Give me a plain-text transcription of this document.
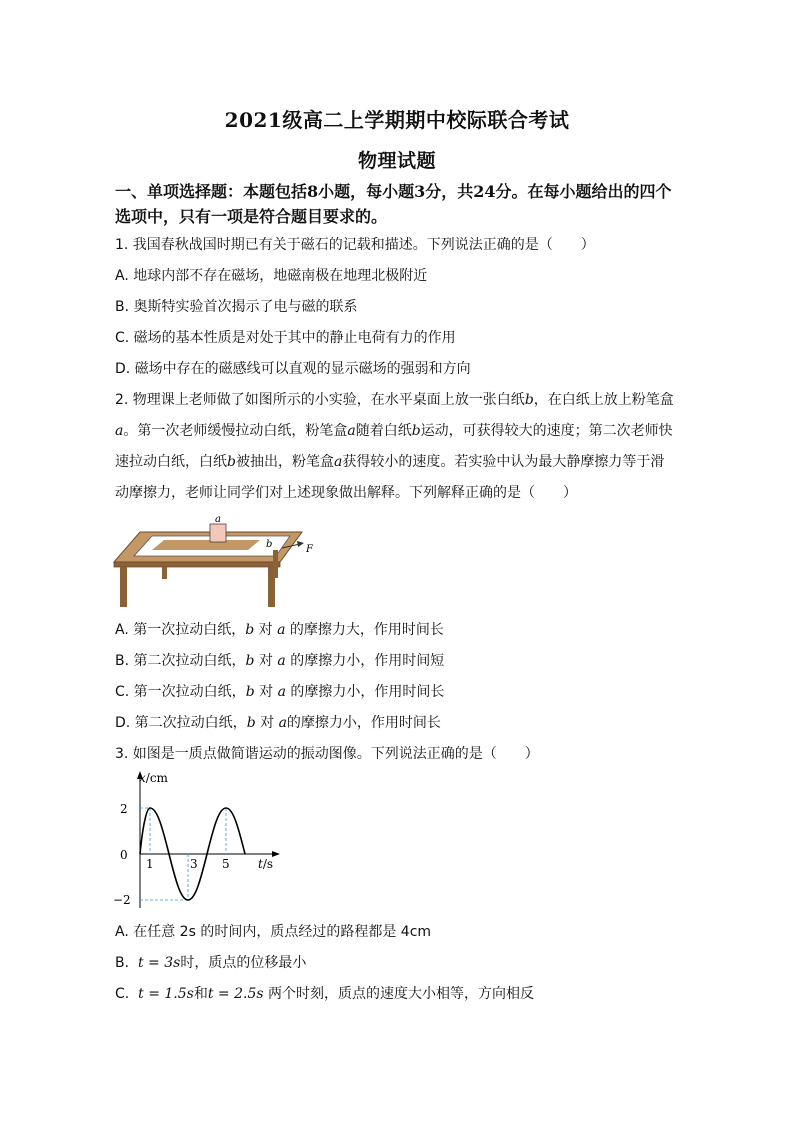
2021级高二上学期期中校际联合考试
物理试题
一、单项选择题：本题包括8小题，每小题3分，共24分。在每小题给出的四个
选项中，只有一项是符合题目要求的。
1. 我国春秋战国时期已有关于磁石的记载和描述。下列说法正确的是（　　）
A. 地球内部不存在磁场，地磁南极在地理北极附近
B. 奥斯特实验首次揭示了电与磁的联系
C. 磁场的基本性质是对处于其中的静止电荷有力的作用
D. 磁场中存在的磁感线可以直观的显示磁场的强弱和方向
2. 物理课上老师做了如图所示的小实验，在水平桌面上放一张白纸b，在白纸上放上粉笔盒
a。第一次老师缓慢拉动白纸，粉笔盒a随着白纸b运动，可获得较大的速度；第二次老师快
速拉动白纸，白纸b被抽出，粉笔盒a获得较小的速度。若实验中认为最大静摩擦力等于滑
动摩擦力，老师让同学们对上述现象做出解释。下列解释正确的是（　　）
a
b	F
A. 第一次拉动白纸，b 对 a 的摩擦力大，作用时间长
B. 第二次拉动白纸，b 对 a 的摩擦力小，作用时间短
C. 第一次拉动白纸，b 对 a 的摩擦力小，作用时间长
D. 第二次拉动白纸，b 对 a的摩擦力小，作用时间长
3. 如图是一质点做简谐运动的振动图像。下列说法正确的是（　　）
x/cm
2
0
−2
1	3 5 t/s
A. 在任意 2s 的时间内，质点经过的路程都是 4cm
B. t = 3s时，质点的位移最小
C. t = 1.5s和t = 2.5s 两个时刻，质点的速度大小相等，方向相反
